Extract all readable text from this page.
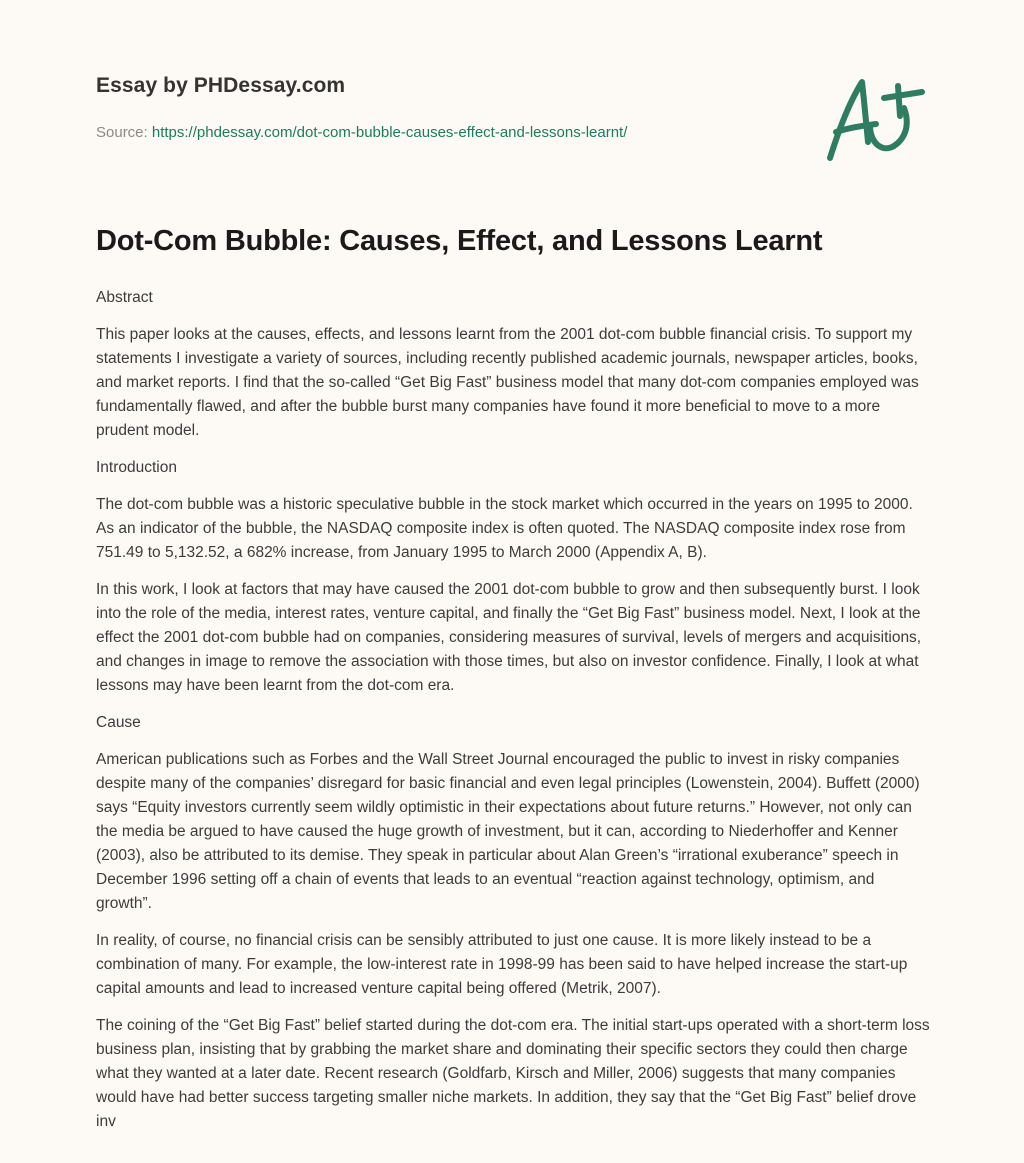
Essay by PHDessay.com
Source: https://phdessay.com/dot-com-bubble-causes-effect-and-lessons-learnt/
Dot-Com Bubble: Causes, Effect, and Lessons Learnt
Abstract

This paper looks at the causes, effects, and lessons learnt from the 2001 dot-com bubble financial crisis. To support my statements I investigate a variety of sources, including recently published academic journals, newspaper articles, books, and market reports. I find that the so-called “Get Big Fast” business model that many dot-com companies employed was fundamentally flawed, and after the bubble burst many companies have found it more beneficial to move to a more prudent model.

Introduction

The dot-com bubble was a historic speculative bubble in the stock market which occurred in the years on 1995 to 2000. As an indicator of the bubble, the NASDAQ composite index is often quoted. The NASDAQ composite index rose from 751.49 to 5,132.52, a 682% increase, from January 1995 to March 2000 (Appendix A, B).

In this work, I look at factors that may have caused the 2001 dot-com bubble to grow and then subsequently burst. I look into the role of the media, interest rates, venture capital, and finally the “Get Big Fast” business model. Next, I look at the effect the 2001 dot-com bubble had on companies, considering measures of survival, levels of mergers and acquisitions, and changes in image to remove the association with those times, but also on investor confidence. Finally, I look at what lessons may have been learnt from the dot-com era.

Cause

American publications such as Forbes and the Wall Street Journal encouraged the public to invest in risky companies despite many of the companies’ disregard for basic financial and even legal principles (Lowenstein, 2004). Buffett (2000) says “Equity investors currently seem wildly optimistic in their expectations about future returns.” However, not only can the media be argued to have caused the huge growth of investment, but it can, according to Niederhoffer and Kenner (2003), also be attributed to its demise. They speak in particular about Alan Green’s “irrational exuberance” speech in December 1996 setting off a chain of events that leads to an eventual “reaction against technology, optimism, and growth”.

In reality, of course, no financial crisis can be sensibly attributed to just one cause. It is more likely instead to be a combination of many. For example, the low-interest rate in 1998-99 has been said to have helped increase the start-up capital amounts and lead to increased venture capital being offered (Metrik, 2007).

The coining of the “Get Big Fast” belief started during the dot-com era. The initial start-ups operated with a short-term loss business plan, insisting that by grabbing the market share and dominating their specific sectors they could then charge what they wanted at a later date. Recent research (Goldfarb, Kirsch and Miller, 2006) suggests that many companies would have had better success targeting smaller niche markets. In addition, they say that the “Get Big Fast” belief drove inv
